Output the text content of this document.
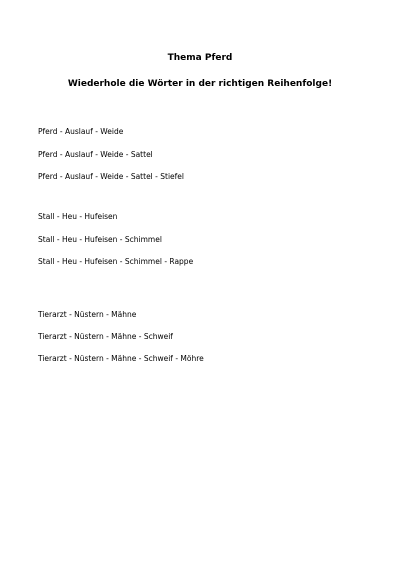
Thema Pferd
Wiederhole die Wörter in der richtigen Reihenfolge!
Pferd - Auslauf - Weide
Pferd - Auslauf - Weide - Sattel
Pferd - Auslauf - Weide - Sattel - Stiefel
Stall - Heu - Hufeisen
Stall - Heu - Hufeisen - Schimmel
Stall - Heu - Hufeisen - Schimmel - Rappe
Tierarzt - Nüstern - Mähne
Tierarzt - Nüstern - Mähne - Schweif
Tierarzt - Nüstern - Mähne - Schweif - Möhre
